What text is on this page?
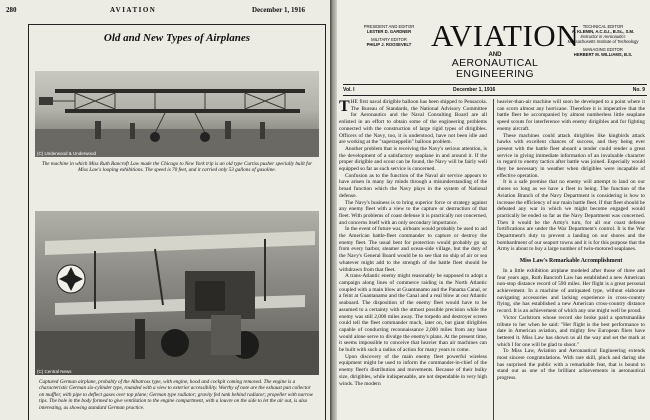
280	AVIATION	December 1, 1916
Old and New Types of Airplanes
(C) Underwood & Underwood
The machine in which Miss Ruth Bancroft Law made the Chicago to New York trip is an old type Curtiss pusher specially built for Miss Law's looping exhibitions. The speed is 70 feet, and it carried only 53 gallons of gasoline.
(C) Central News
Captured German airplane, probably of the Albatross type, with engine, hood and cockpit coming removed. The engine is a characteristic German six-cylinder type, rounded with a view to exterior accessibility. Worthy of note are the exhaust pan collector on muffler, with pipe to deflect gases over top plane; German type radiator; gravity fed tank behind radiator; propeller with narrow tips. The hole in the body formed to give ventilation to the engine compartment, with a louvre on the side to let the air out, is also interesting, as showing standard German practice.
PRESIDENT AND EDITOR
LESTER D. GARDNER
MILITARY EDITOR
PHILIP J. ROOSEVELT AVIATION
AND
AERONAUTICAL ENGINEERING
TECHNICAL EDITOR
A. KLEMIN, A.C.G.I., B.Sc., S.M.
Instructor in Aeronautics
Massachusetts Institute of Technology
MANAGING EDITOR
HERBERT M. WILLIAMS, B.S.
Vol. I	December 1, 1916	No. 9

THE first naval dirigible balloon has been shipped to Pensacola. The Bureau of Standards, the National Advisory Committee for Aeronautics and the Naval Consulting Board are all enlisted in an effort to obtain some of the engineering problems connected with the construction of large rigid types of dirigibles. Officers of the Navy, too, it is understood, have not been idle and are working at the "superzeppelin" balloon problem.

Another problem that is receiving the Navy's serious attention, is the development of a satisfactory seaplane in and around it. If the proper dirigible and scout can be found, the Navy will be fairly well equipped so far as such service is concerned.

Confusion as to the function of the Naval air service appears to have arisen in many lay minds through a misunderstanding of the broad function which the Navy plays in the system of National defense.

The Navy's business is to bring superior force or strategy against any enemy fleet with a view to the capture or destruction of that fleet. With problems of coast defense it is practically not concerned, and concerns itself with an only secondary importance.

In the event of future war, airboats would probably be used to aid the American battle-fleet commander to capture or destroy the enemy fleet. The usual bent for protection would probably go up from every harbor, steamer and ocean-side village, but the duty of the Navy's General Board would be to see that no ship of air or sea whatever might add to the strength of the battle fleet should be withdrawn from that fleet.

A trans-Atlantic enemy might reasonably be supposed to adopt a campaign along lines of commerce raiding in the North Atlantic coupled with a main blow at Guantanamo and the Panama Canal, or a feint at Guantanamo and the Canal and a real blow at our Atlantic seaboard. The disposition of the enemy fleet would have to be assumed to a certainty with the utmost possible precision while the enemy was still 2,000 miles away. The torpedo and destroyer screen could tell the fleet commander much, later on, but giant dirigibles capable of conducting reconnaissance 2,000 miles from any base would alone serve to divulge the enemy's plans. At the present time, it seems impossible to conceive that heavier than air machines can be built with such a radius of action for many years to come.

Upon discovery of the main enemy fleet powerful wireless equipment might be used to inform the commander-in-chief of the enemy fleet's distribution and movements. Because of their bulky size, dirigibles, while indispensable, are not dependable in very high winds. The modern

heavier-than-air machine will soon be developed to a point where it can scorn almost any hurricane. Therefore it is imperative that the battle fleet be accompanied by almost numberless little seaplane speed scouts for interference with enemy dirigibles and for fighting enemy aircraft.

These machines could attack dirigibles like kingbirds attack hawks with excellent chances of success, and they being ever present with the battle fleet aboard a tender could render a great service in giving immediate information of an invaluable character in regard to enemy tactics after battle was joined. Especially would they be necessary in weather when dirigibles were incapable of effective operation.

It is a safe premise that no enemy will attempt to land on our shores so long as we have a fleet in being. The function of the Aviation Branch of the Navy Department is considering is how to increase the efficiency of our main battle fleet. If that fleet should be defeated any war in which we might become engaged would practically be ended so far as the Navy Department was concerned. Then it would be the Army's turn, for all our coast defense fortifications are under the War Department's control. It is the War Department's duty to prevent a landing on our shores and the bombardment of our seaport towns and it is for this purpose that the Army is about to buy a large number of twin-motored seaplanes.

Miss Law's Remarkable Accomplishment

In a little exhibition airplane modeled after those of three and four years ago, Ruth Bancroft Law has established a new American non-stop distance record of 590 miles. Her flight is a great personal achievement. In a machine of antiquated type, without elaborate navigating accessories and lacking experience in cross-country flying, she has established a new American cross-country distance record. It is an achievement of which any one might well be proud.

Victor Carlstrom whose record she broke paid a sportsmanlike tribute to her when he said: "Her flight is the best performance to date in American aviation, and mighty few European fliers have bettered it. Miss Law has shown us all the way and set the mark at which I for one will be glad to shoot."

To Miss Law, Aviation and Aeronautical Engineering extends most sincere congratulations. With rare skill, pluck and daring she has surprised the public with a remarkable feat, that is bound to stand out as one of the brilliant achievements in aeronautical progress.
